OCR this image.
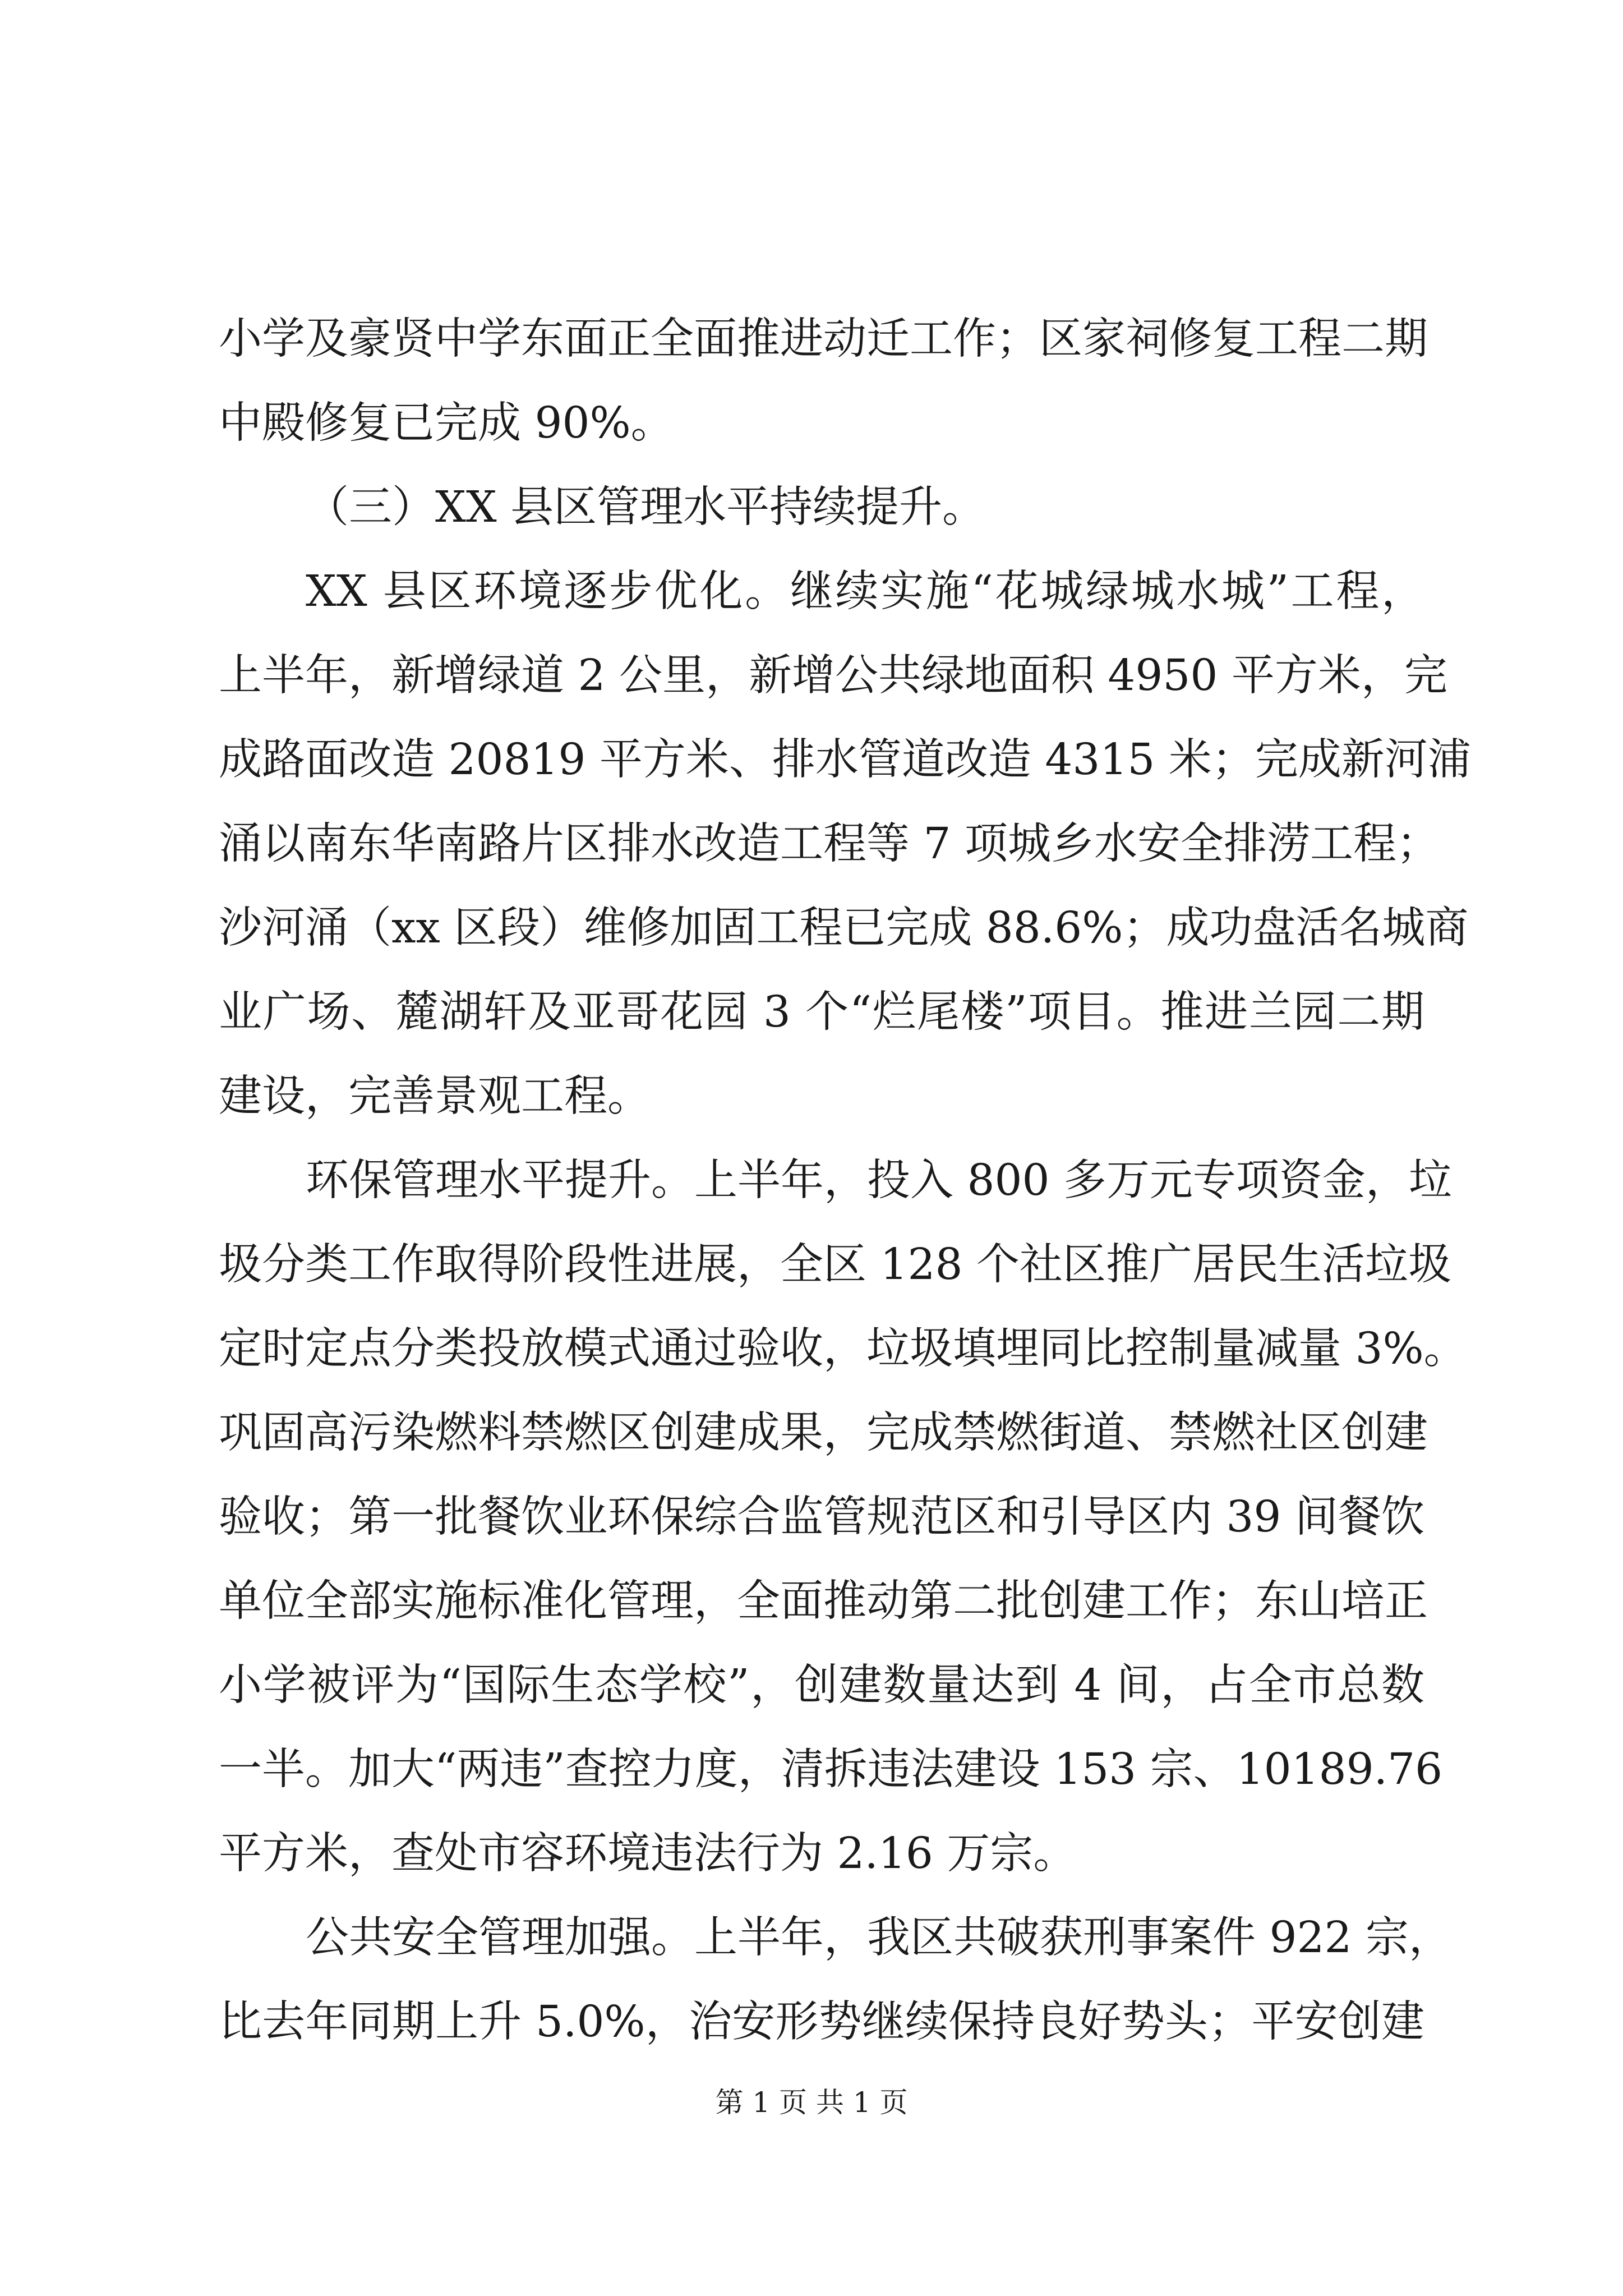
小学及豪贤中学东面正全面推进动迁工作；区家祠修复工程二期
中殿修复已完成 90%。
（三）XX 县区管理水平持续提升。
XX 县区环境逐步优化。继续实施“花城绿城水城”工程，
上半年，新增绿道 2 公里，新增公共绿地面积 4950 平方米，完
成路面改造 20819 平方米、排水管道改造 4315 米；完成新河浦
涌以南东华南路片区排水改造工程等 7 项城乡水安全排涝工程；
沙河涌（xx 区段）维修加固工程已完成 88.6%；成功盘活名城商
业广场、麓湖轩及亚哥花园 3 个“烂尾楼”项目。推进兰园二期
建设，完善景观工程。
环保管理水平提升。上半年，投入 800 多万元专项资金，垃
圾分类工作取得阶段性进展，全区 128 个社区推广居民生活垃圾
定时定点分类投放模式通过验收，垃圾填埋同比控制量减量 3%。
巩固高污染燃料禁燃区创建成果，完成禁燃街道、禁燃社区创建
验收；第一批餐饮业环保综合监管规范区和引导区内 39 间餐饮
单位全部实施标准化管理，全面推动第二批创建工作；东山培正
小学被评为“国际生态学校”，创建数量达到 4 间，占全市总数
一半。加大“两违”查控力度，清拆违法建设 153 宗、10189.76
平方米，查处市容环境违法行为 2.16 万宗。
公共安全管理加强。上半年，我区共破获刑事案件 922 宗，
比去年同期上升 5.0%，治安形势继续保持良好势头；平安创建
第 1 页 共 1 页
